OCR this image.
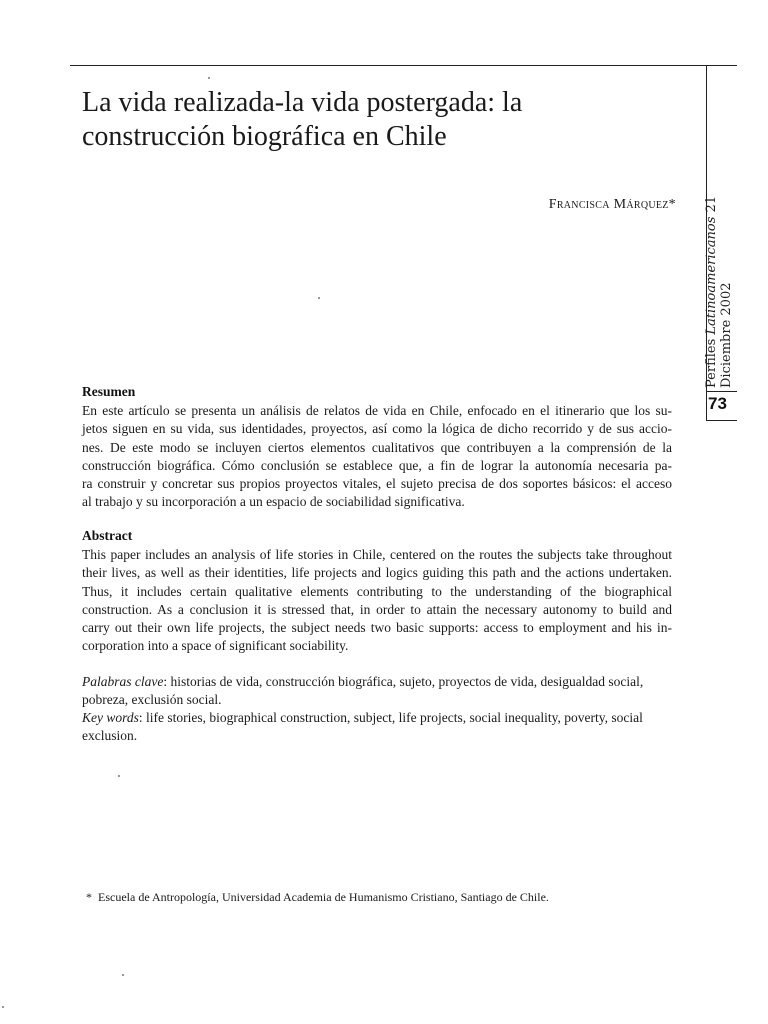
Perfiles Latinoamericanos 21
Diciembre 2002
73
La vida realizada-la vida postergada: la
construcción biográfica en Chile
Francisca Márquez*
Resumen
En este artículo se presenta un análisis de relatos de vida en Chile, enfocado en el itinerario que los su-
jetos siguen en su vida, sus identidades, proyectos, así como la lógica de dicho recorrido y de sus accio-
nes. De este modo se incluyen ciertos elementos cualitativos que contribuyen a la comprensión de la
construcción biográfica. Cómo conclusión se establece que, a fin de lograr la autonomía necesaria pa-
ra construir y concretar sus propios proyectos vitales, el sujeto precisa de dos soportes básicos: el acceso
al trabajo y su incorporación a un espacio de sociabilidad significativa.
Abstract
This paper includes an analysis of life stories in Chile, centered on the routes the subjects take throughout
their lives, as well as their identities, life projects and logics guiding this path and the actions undertaken.
Thus, it includes certain qualitative elements contributing to the understanding of the biographical
construction. As a conclusion it is stressed that, in order to attain the necessary autonomy to build and
carry out their own life projects, the subject needs two basic supports: access to employment and his in-
corporation into a space of significant sociability.
Palabras clave: historias de vida, construcción biográfica, sujeto, proyectos de vida, desigualdad social,
pobreza, exclusión social.
Key words: life stories, biographical construction, subject, life projects, social inequality, poverty, social
exclusion.
* Escuela de Antropología, Universidad Academia de Humanismo Cristiano, Santiago de Chile.
